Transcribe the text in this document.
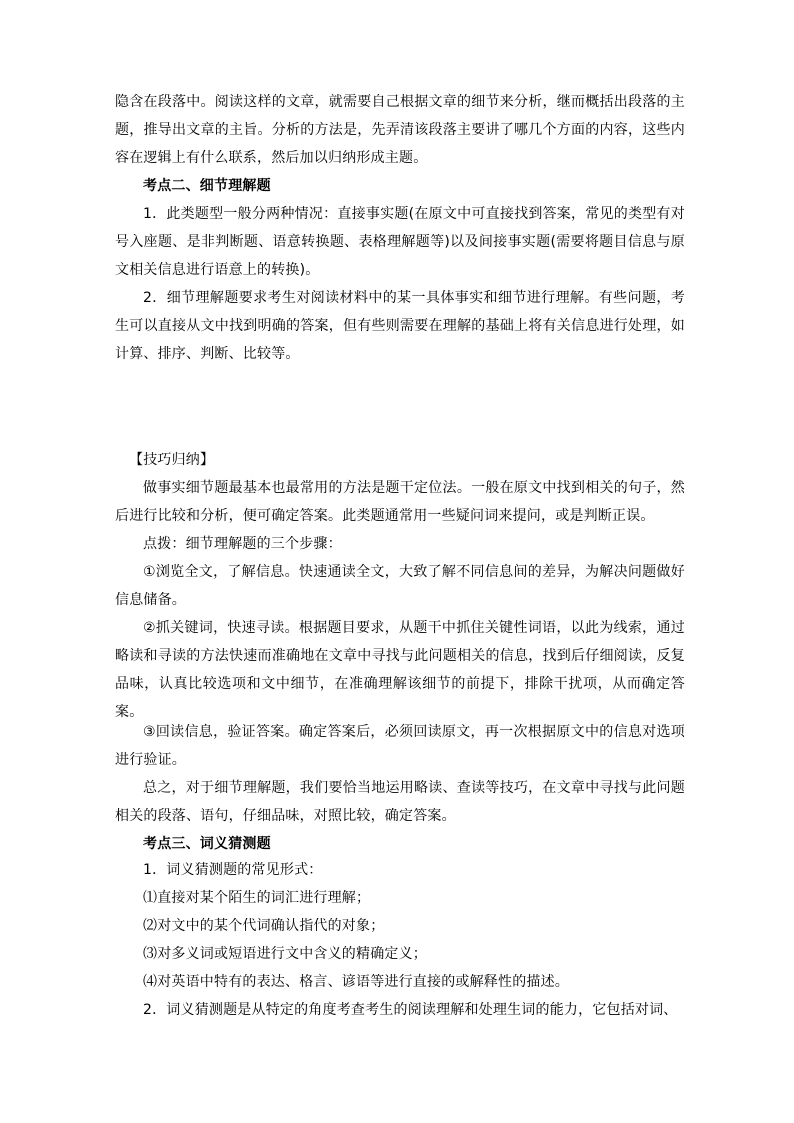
隐含在段落中。阅读这样的文章，就需要自己根据文章的细节来分析，继而概括出段落的主题，推导出文章的主旨。分析的方法是，先弄清该段落主要讲了哪几个方面的内容，这些内容在逻辑上有什么联系，然后加以归纳形成主题。
考点二、细节理解题
1．此类题型一般分两种情况：直接事实题(在原文中可直接找到答案，常见的类型有对号入座题、是非判断题、语意转换题、表格理解题等)以及间接事实题(需要将题目信息与原文相关信息进行语意上的转换)。
2．细节理解题要求考生对阅读材料中的某一具体事实和细节进行理解。有些问题，考生可以直接从文中找到明确的答案，但有些则需要在理解的基础上将有关信息进行处理，如计算、排序、判断、比较等。
【技巧归纳】
做事实细节题最基本也最常用的方法是题干定位法。一般在原文中找到相关的句子，然后进行比较和分析，便可确定答案。此类题通常用一些疑问词来提问，或是判断正误。
点拨：细节理解题的三个步骤：
①浏览全文，了解信息。快速通读全文，大致了解不同信息间的差异，为解决问题做好信息储备。
②抓关键词，快速寻读。根据题目要求，从题干中抓住关键性词语，以此为线索，通过略读和寻读的方法快速而准确地在文章中寻找与此问题相关的信息，找到后仔细阅读，反复品味，认真比较选项和文中细节，在准确理解该细节的前提下，排除干扰项，从而确定答案。
③回读信息，验证答案。确定答案后，必须回读原文，再一次根据原文中的信息对选项进行验证。
总之，对于细节理解题，我们要恰当地运用略读、查读等技巧，在文章中寻找与此问题相关的段落、语句，仔细品味，对照比较，确定答案。
考点三、词义猜测题
1．词义猜测题的常见形式：
⑴直接对某个陌生的词汇进行理解；
⑵对文中的某个代词确认指代的对象；
⑶对多义词或短语进行文中含义的精确定义；
⑷对英语中特有的表达、格言、谚语等进行直接的或解释性的描述。
2．词义猜测题是从特定的角度考查考生的阅读理解和处理生词的能力，它包括对词、
